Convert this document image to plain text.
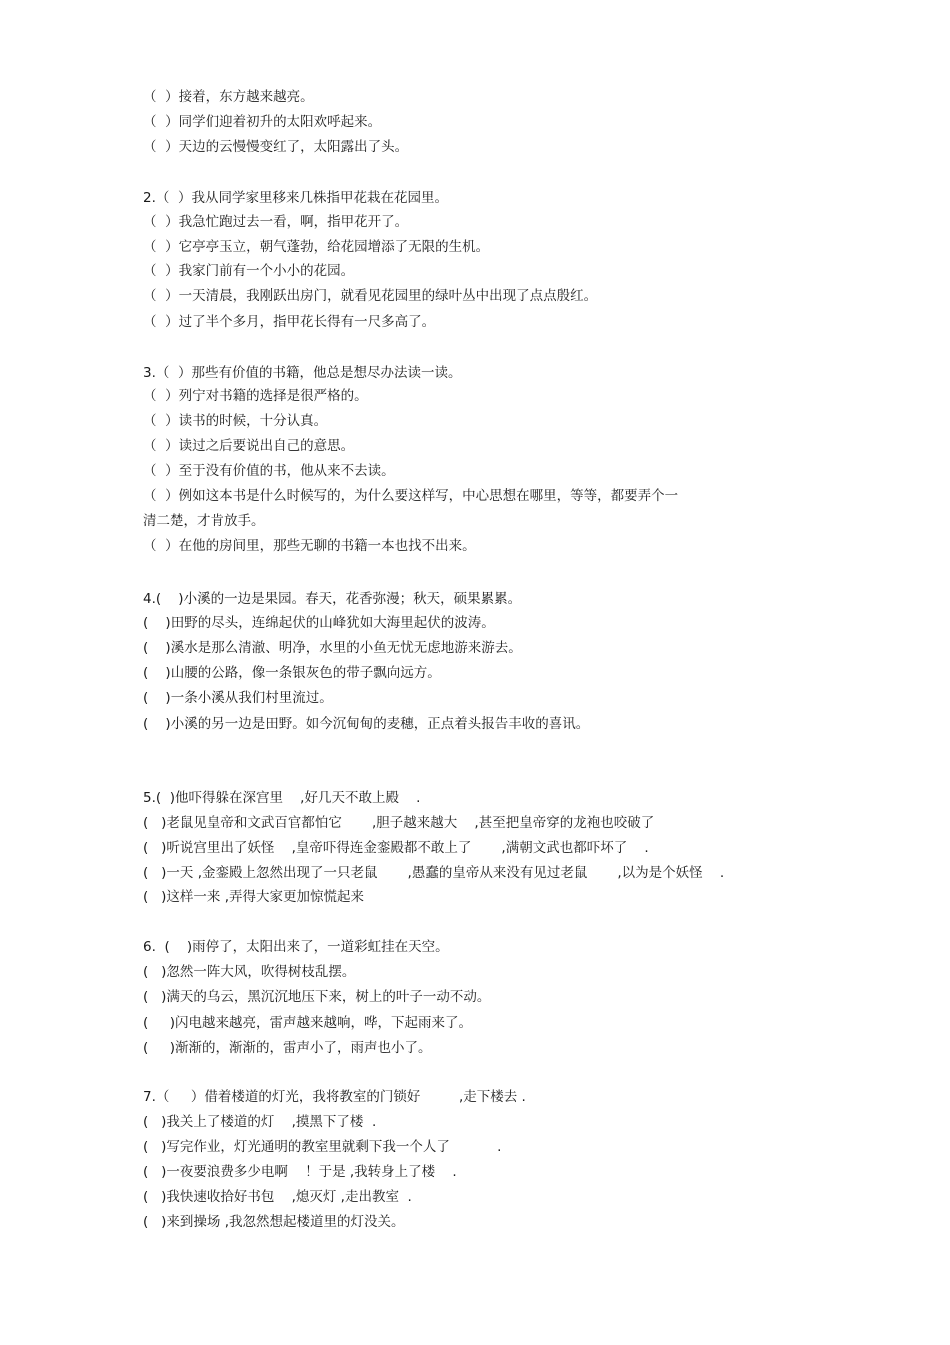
（  ）接着，东方越来越亮。
（  ）同学们迎着初升的太阳欢呼起来。
（  ）天边的云慢慢变红了，太阳露出了头。
2.（  ）我从同学家里移来几株指甲花栽在花园里。
（  ）我急忙跑过去一看，啊，指甲花开了。
（  ）它亭亭玉立，朝气蓬勃，给花园增添了无限的生机。
（  ）我家门前有一个小小的花园。
（  ）一天清晨，我刚跃出房门，就看见花园里的绿叶丛中出现了点点殷红。
（  ）过了半个多月，指甲花长得有一尺多高了。
3.（  ）那些有价值的书籍，他总是想尽办法读一读。
（  ）列宁对书籍的选择是很严格的。
（  ）读书的时候，十分认真。
（  ）读过之后要说出自己的意思。
（  ）至于没有价值的书，他从来不去读。
（  ）例如这本书是什么时候写的，为什么要这样写，中心思想在哪里，等等，都要弄个一
清二楚，才肯放手。
（  ）在他的房间里，那些无聊的书籍一本也找不出来。
4.(    )小溪的一边是果园。春天，花香弥漫；秋天，硕果累累。
(    )田野的尽头，连绵起伏的山峰犹如大海里起伏的波涛。
(    )溪水是那么清澈、明净，水里的小鱼无忧无虑地游来游去。
(    )山腰的公路，像一条银灰色的带子飘向远方。
(    )一条小溪从我们村里流过。
(    )小溪的另一边是田野。如今沉甸甸的麦穗，正点着头报告丰收的喜讯。
5.(  )他吓得躲在深宫里    ,好几天不敢上殿    .
(   )老鼠见皇帝和文武百官都怕它       ,胆子越来越大    ,甚至把皇帝穿的龙袍也咬破了
(   )听说宫里出了妖怪    ,皇帝吓得连金銮殿都不敢上了       ,满朝文武也都吓坏了    .
(   )一天 ,金銮殿上忽然出现了一只老鼠       ,愚蠢的皇帝从来没有见过老鼠       ,以为是个妖怪    .
(   )这样一来 ,弄得大家更加惊慌起来
6.  (    )雨停了，太阳出来了，一道彩虹挂在天空。
(   )忽然一阵大风，吹得树枝乱摆。
(   )满天的乌云，黑沉沉地压下来，树上的叶子一动不动。
(     )闪电越来越亮，雷声越来越响，哗，下起雨来了。
(     )渐渐的，渐渐的，雷声小了，雨声也小了。
7.（     ）借着楼道的灯光，我将教室的门锁好         ,走下楼去 .
(   )我关上了楼道的灯    ,摸黑下了楼  .
(   )写完作业，灯光通明的教室里就剩下我一个人了           .
(   )一夜要浪费多少电啊    ！于是 ,我转身上了楼    .
(   )我快速收拾好书包    ,熄灭灯 ,走出教室  .
(   )来到操场 ,我忽然想起楼道里的灯没关。
